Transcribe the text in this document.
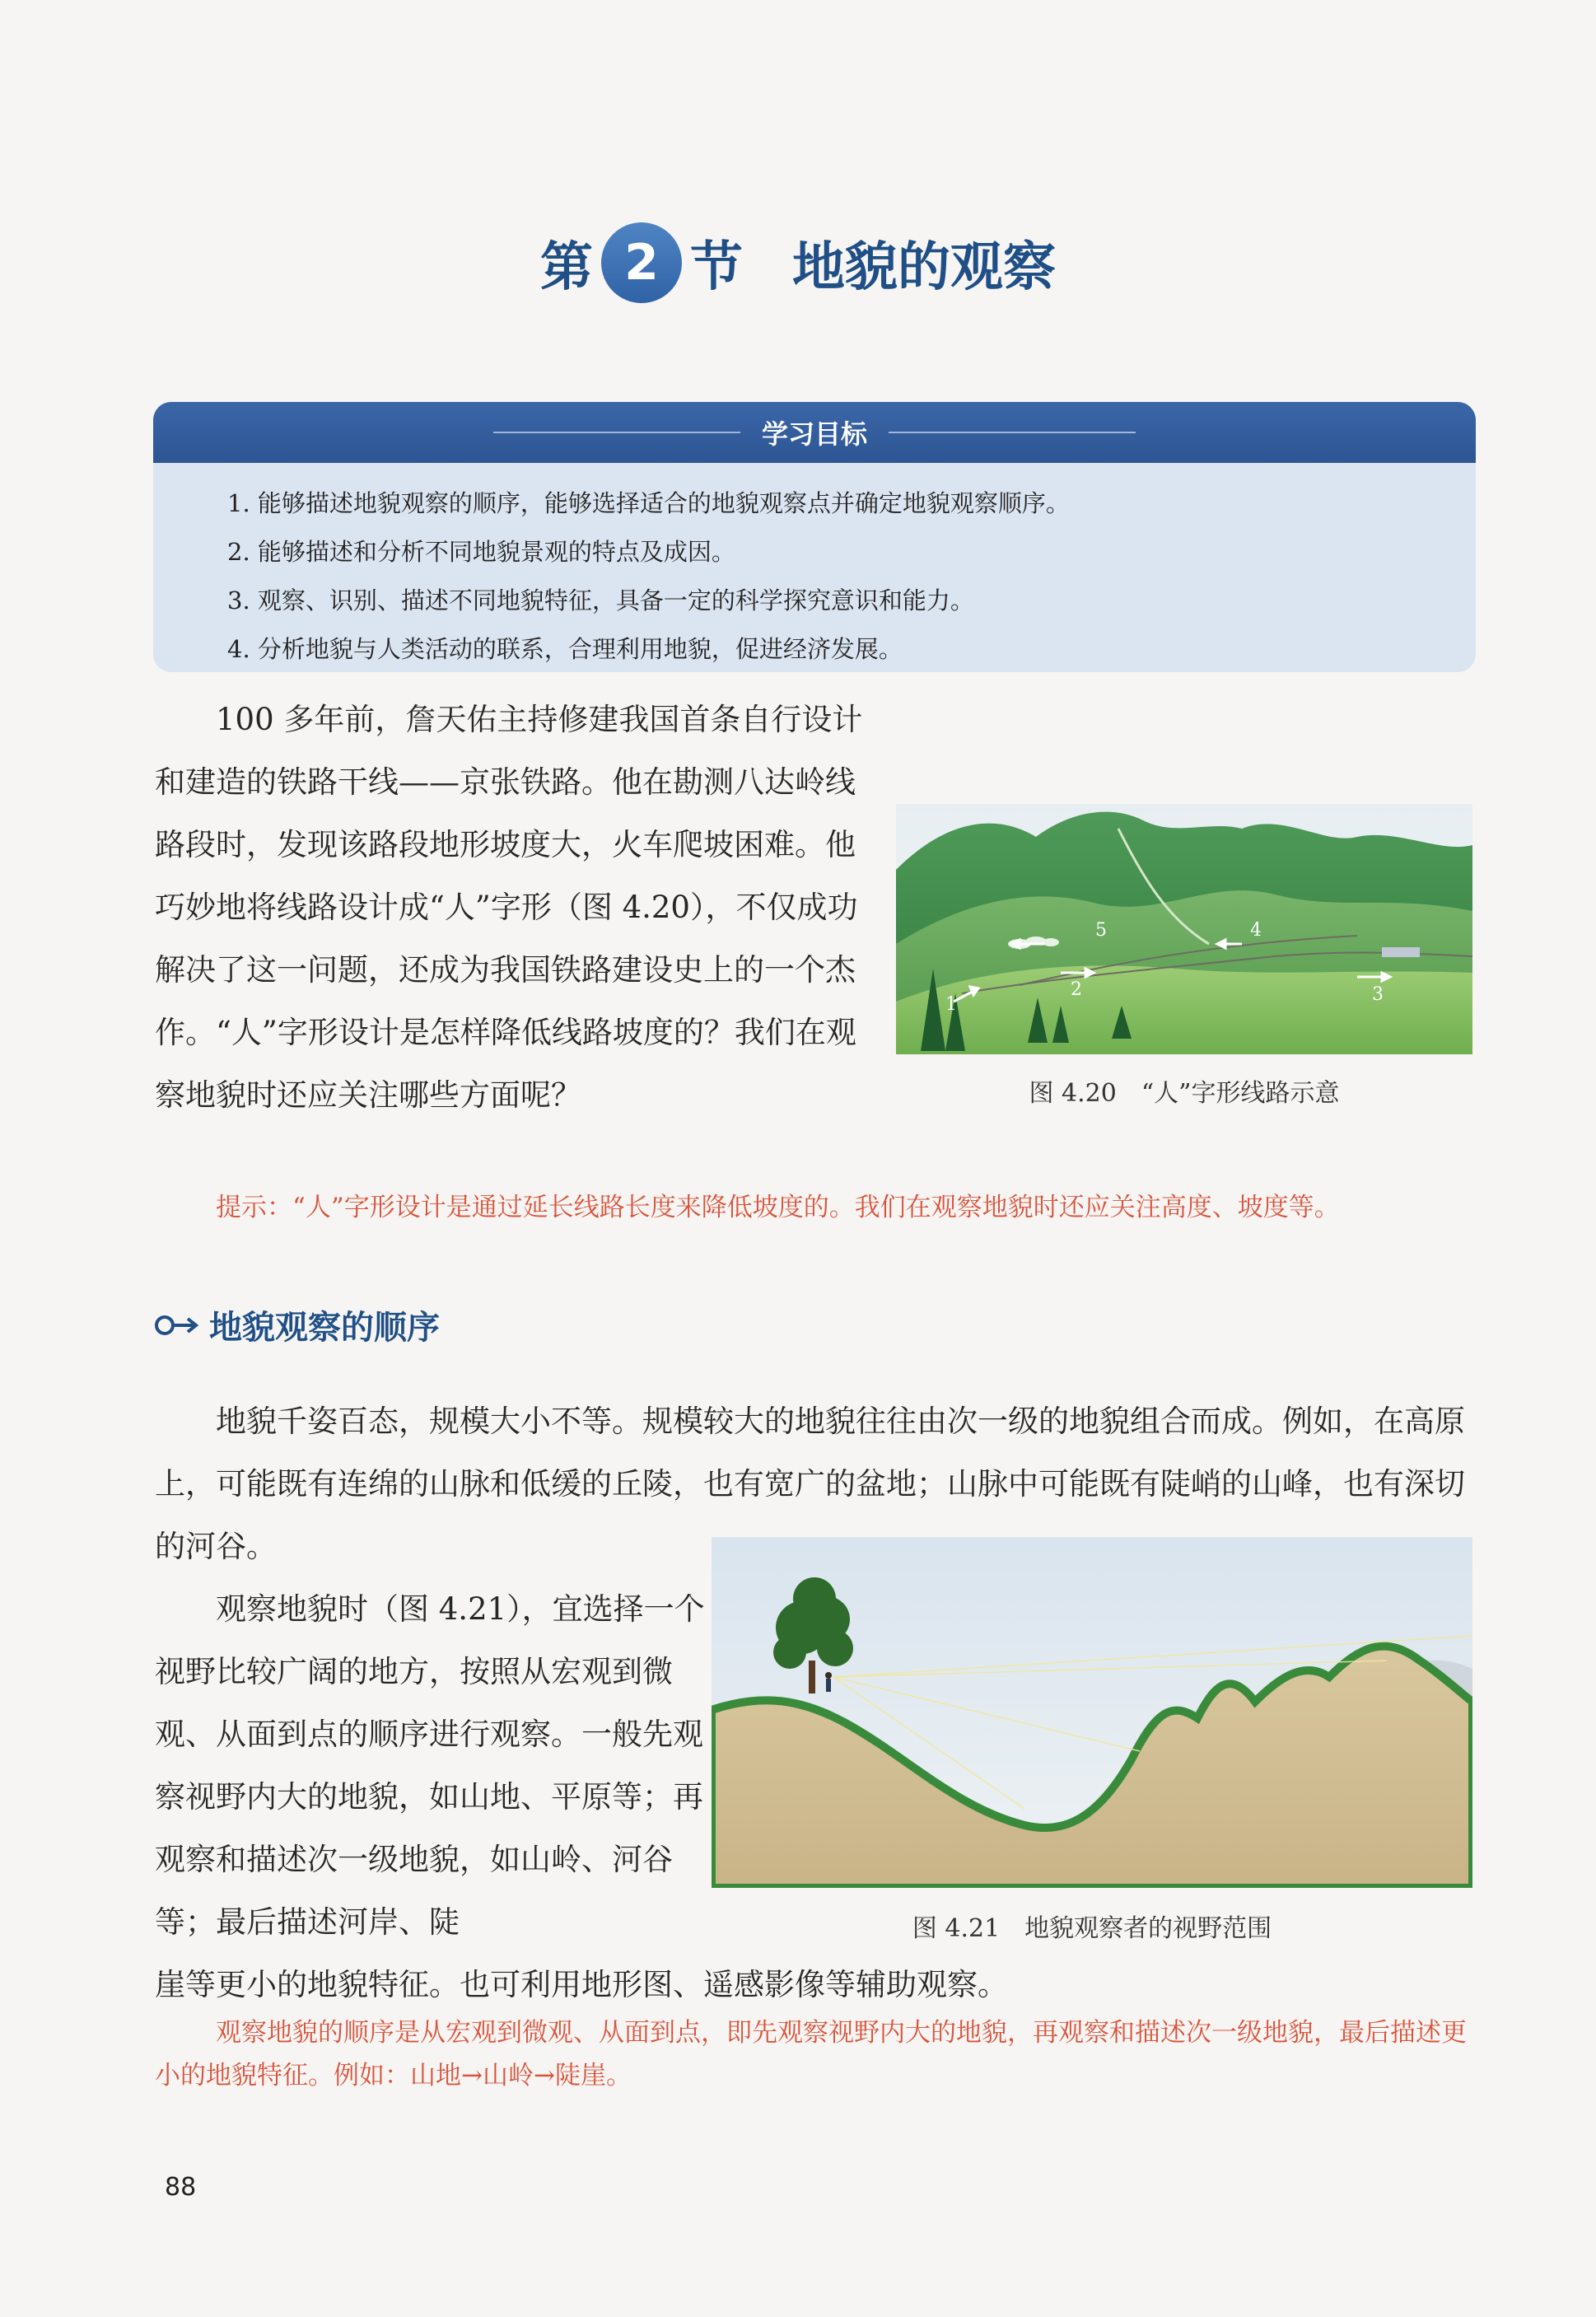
第 2 节 地貌的观察
学习目标
1. 能够描述地貌观察的顺序，能够选择适合的地貌观察点并确定地貌观察顺序。
2. 能够描述和分析不同地貌景观的特点及成因。
3. 观察、识别、描述不同地貌特征，具备一定的科学探究意识和能力。
4. 分析地貌与人类活动的联系，合理利用地貌，促进经济发展。
100 多年前，詹天佑主持修建我国首条自行设计和建造的铁路干线——京张铁路。他在勘测八达岭线路段时，发现该路段地形坡度大，火车爬坡困难。他巧妙地将线路设计成“人”字形（图 4.20），不仅成功解决了这一问题，还成为我国铁路建设史上的一个杰作。“人”字形设计是怎样降低线路坡度的？我们在观察地貌时还应关注哪些方面呢？
1
2	3
4
5
图 4.20　“人”字形线路示意
提示：“人”字形设计是通过延长线路长度来降低坡度的。我们在观察地貌时还应关注高度、坡度等。
地貌观察的顺序
地貌千姿百态，规模大小不等。规模较大的地貌往往由次一级的地貌组合而成。例如，在高原上，可能既有连绵的山脉和低缓的丘陵，也有宽广的盆地；山脉中可能既有陡峭的山峰，也有深切的河谷。
观察地貌时（图 4.21），宜选择一个视野比较广阔的地方，按照从宏观到微观、从面到点的顺序进行观察。一般先观察视野内大的地貌，如山地、平原等；再观察和描述次一级地貌，如山岭、河谷等；最后描述河岸、陡
崖等更小的地貌特征。也可利用地形图、遥感影像等辅助观察。
图 4.21　地貌观察者的视野范围
观察地貌的顺序是从宏观到微观、从面到点，即先观察视野内大的地貌，再观察和描述次一级地貌，最后描述更小的地貌特征。例如：山地→山岭→陡崖。
88
